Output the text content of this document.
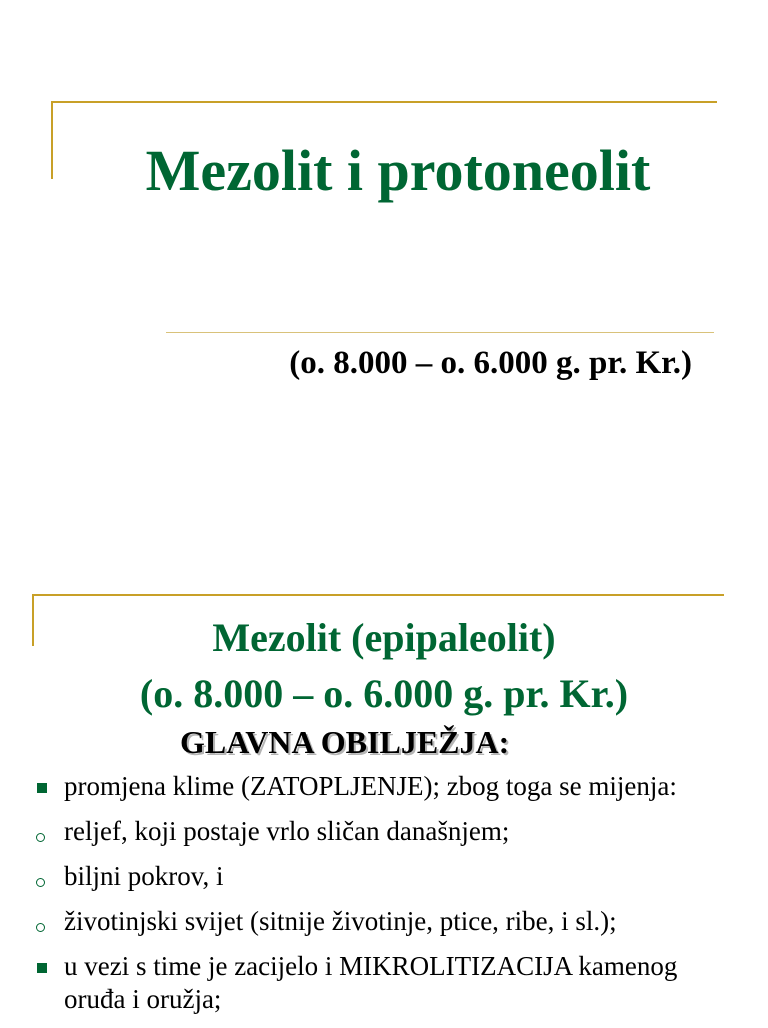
Mezolit i protoneolit

(o. 8.000 – o. 6.000 g. pr. Kr.)

Mezolit (epipaleolit)
(o. 8.000 – o. 6.000 g. pr. Kr.)
GLAVNA OBILJEŽJA:
promjena klime (ZATOPLJENJE); zbog toga se mijenja:
reljef, koji postaje vrlo sličan današnjem;
biljni pokrov, i
životinjski svijet (sitnije životinje, ptice, ribe, i sl.);
u vezi s time je zacijelo i MIKROLITIZACIJA kamenog oruđa i oružja;
